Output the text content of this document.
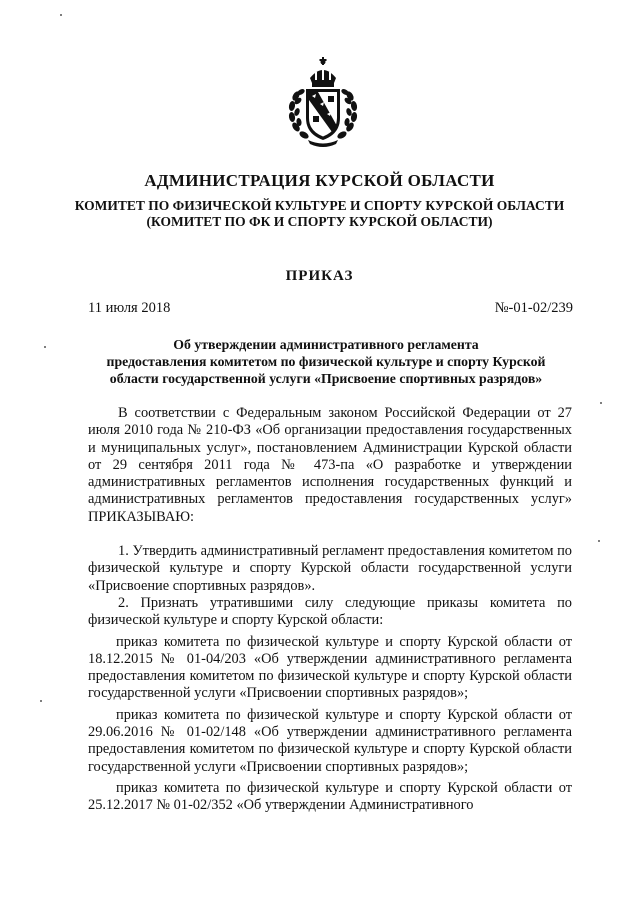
АДМИНИСТРАЦИЯ КУРСКОЙ ОБЛАСТИ
КОМИТЕТ ПО ФИЗИЧЕСКОЙ КУЛЬТУРЕ И СПОРТУ КУРСКОЙ ОБЛАСТИ
(КОМИТЕТ ПО ФК И СПОРТУ КУРСКОЙ ОБЛАСТИ)
ПРИКАЗ
11 июля 2018	№-01-02/239
Об утверждении административного регламента
предоставления комитетом по физической культуре и спорту Курской
области государственной услуги «Присвоение спортивных разрядов»

В соответствии с Федеральным законом Российской Федерации от 27 июля 2010 года № 210-ФЗ «Об организации предоставления государственных и муниципальных услуг», постановлением Администрации Курской области от 29 сентября 2011 года № 473-па «О разработке и утверждении административных регламентов исполнения государственных функций и административных регламентов предоставления государственных услуг» ПРИКАЗЫВАЮ:

1. Утвердить административный регламент предоставления комитетом по физической культуре и спорту Курской области государственной услуги «Присвоение спортивных разрядов».

2. Признать утратившими силу следующие приказы комитета по физической культуре и спорту Курской области:

приказ комитета по физической культуре и спорту Курской области от 18.12.2015 № 01-04/203 «Об утверждении административного регламента предоставления комитетом по физической культуре и спорту Курской области государственной услуги «Присвоении спортивных разрядов»;

приказ комитета по физической культуре и спорту Курской области от 29.06.2016 № 01-02/148 «Об утверждении административного регламента предоставления комитетом по физической культуре и спорту Курской области государственной услуги «Присвоении спортивных разрядов»;

приказ комитета по физической культуре и спорту Курской области от 25.12.2017 № 01-02/352 «Об утверждении Административного
